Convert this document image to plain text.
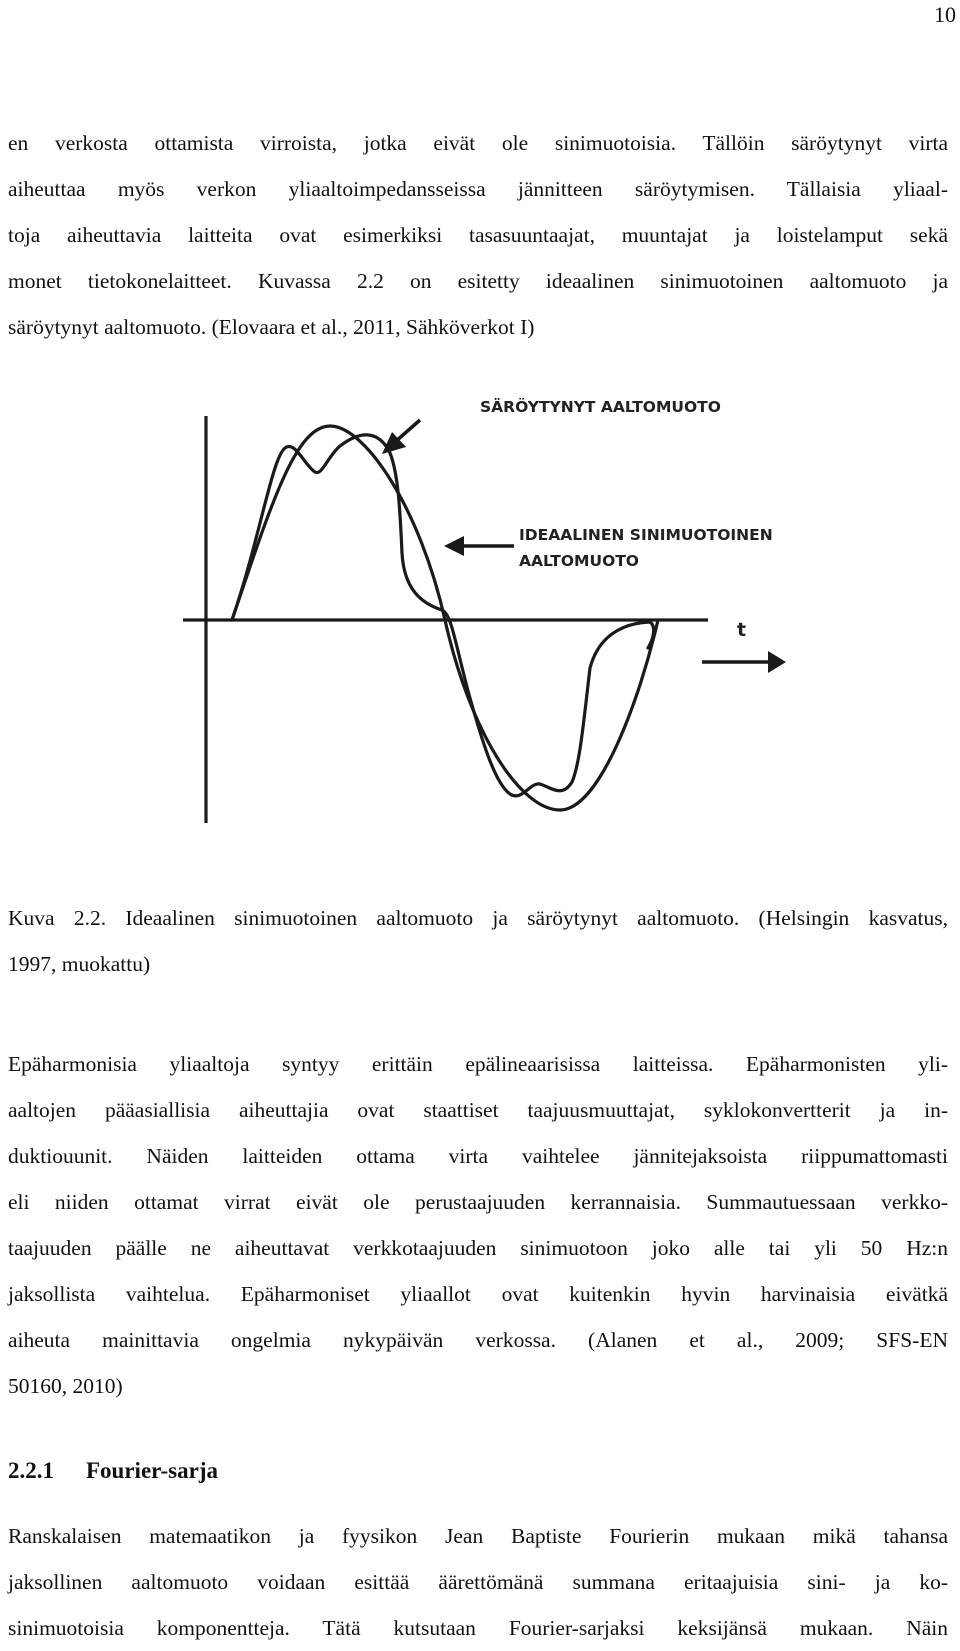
10
en verkosta ottamista virroista, jotka eivät ole sinimuotoisia. Tällöin säröytynyt virta
aiheuttaa myös verkon yliaaltoimpedansseissa jännitteen säröytymisen. Tällaisia yliaal-
toja aiheuttavia laitteita ovat esimerkiksi tasasuuntaajat, muuntajat ja loistelamput sekä
monet tietokonelaitteet. Kuvassa 2.2 on esitetty ideaalinen sinimuotoinen aaltomuoto ja
säröytynyt aaltomuoto. (Elovaara et al., 2011, Sähköverkot I)
t
SÄRÖYTYNYT AALTOMUOTO
IDEAALINEN SINIMUOTOINEN
AALTOMUOTO
Kuva 2.2. Ideaalinen sinimuotoinen aaltomuoto ja säröytynyt aaltomuoto. (Helsingin kasvatus,
1997, muokattu)
Epäharmonisia yliaaltoja syntyy erittäin epälineaarisissa laitteissa. Epäharmonisten yli-
aaltojen pääasiallisia aiheuttajia ovat staattiset taajuusmuuttajat, syklokonvertterit ja in-
duktiouunit. Näiden laitteiden ottama virta vaihtelee jännitejaksoista riippumattomasti
eli niiden ottamat virrat eivät ole perustaajuuden kerrannaisia. Summautuessaan verkko-
taajuuden päälle ne aiheuttavat verkkotaajuuden sinimuotoon joko alle tai yli 50 Hz:n
jaksollista vaihtelua. Epäharmoniset yliaallot ovat kuitenkin hyvin harvinaisia eivätkä
aiheuta mainittavia ongelmia nykypäivän verkossa. (Alanen et al., 2009; SFS-EN
50160, 2010)
2.2.1 Fourier-sarja
Ranskalaisen matemaatikon ja fyysikon Jean Baptiste Fourierin mukaan mikä tahansa
jaksollinen aaltomuoto voidaan esittää äärettömänä summana eritaajuisia sini- ja ko-
sinimuotoisia komponentteja. Tätä kutsutaan Fourier-sarjaksi keksijänsä mukaan. Näin
